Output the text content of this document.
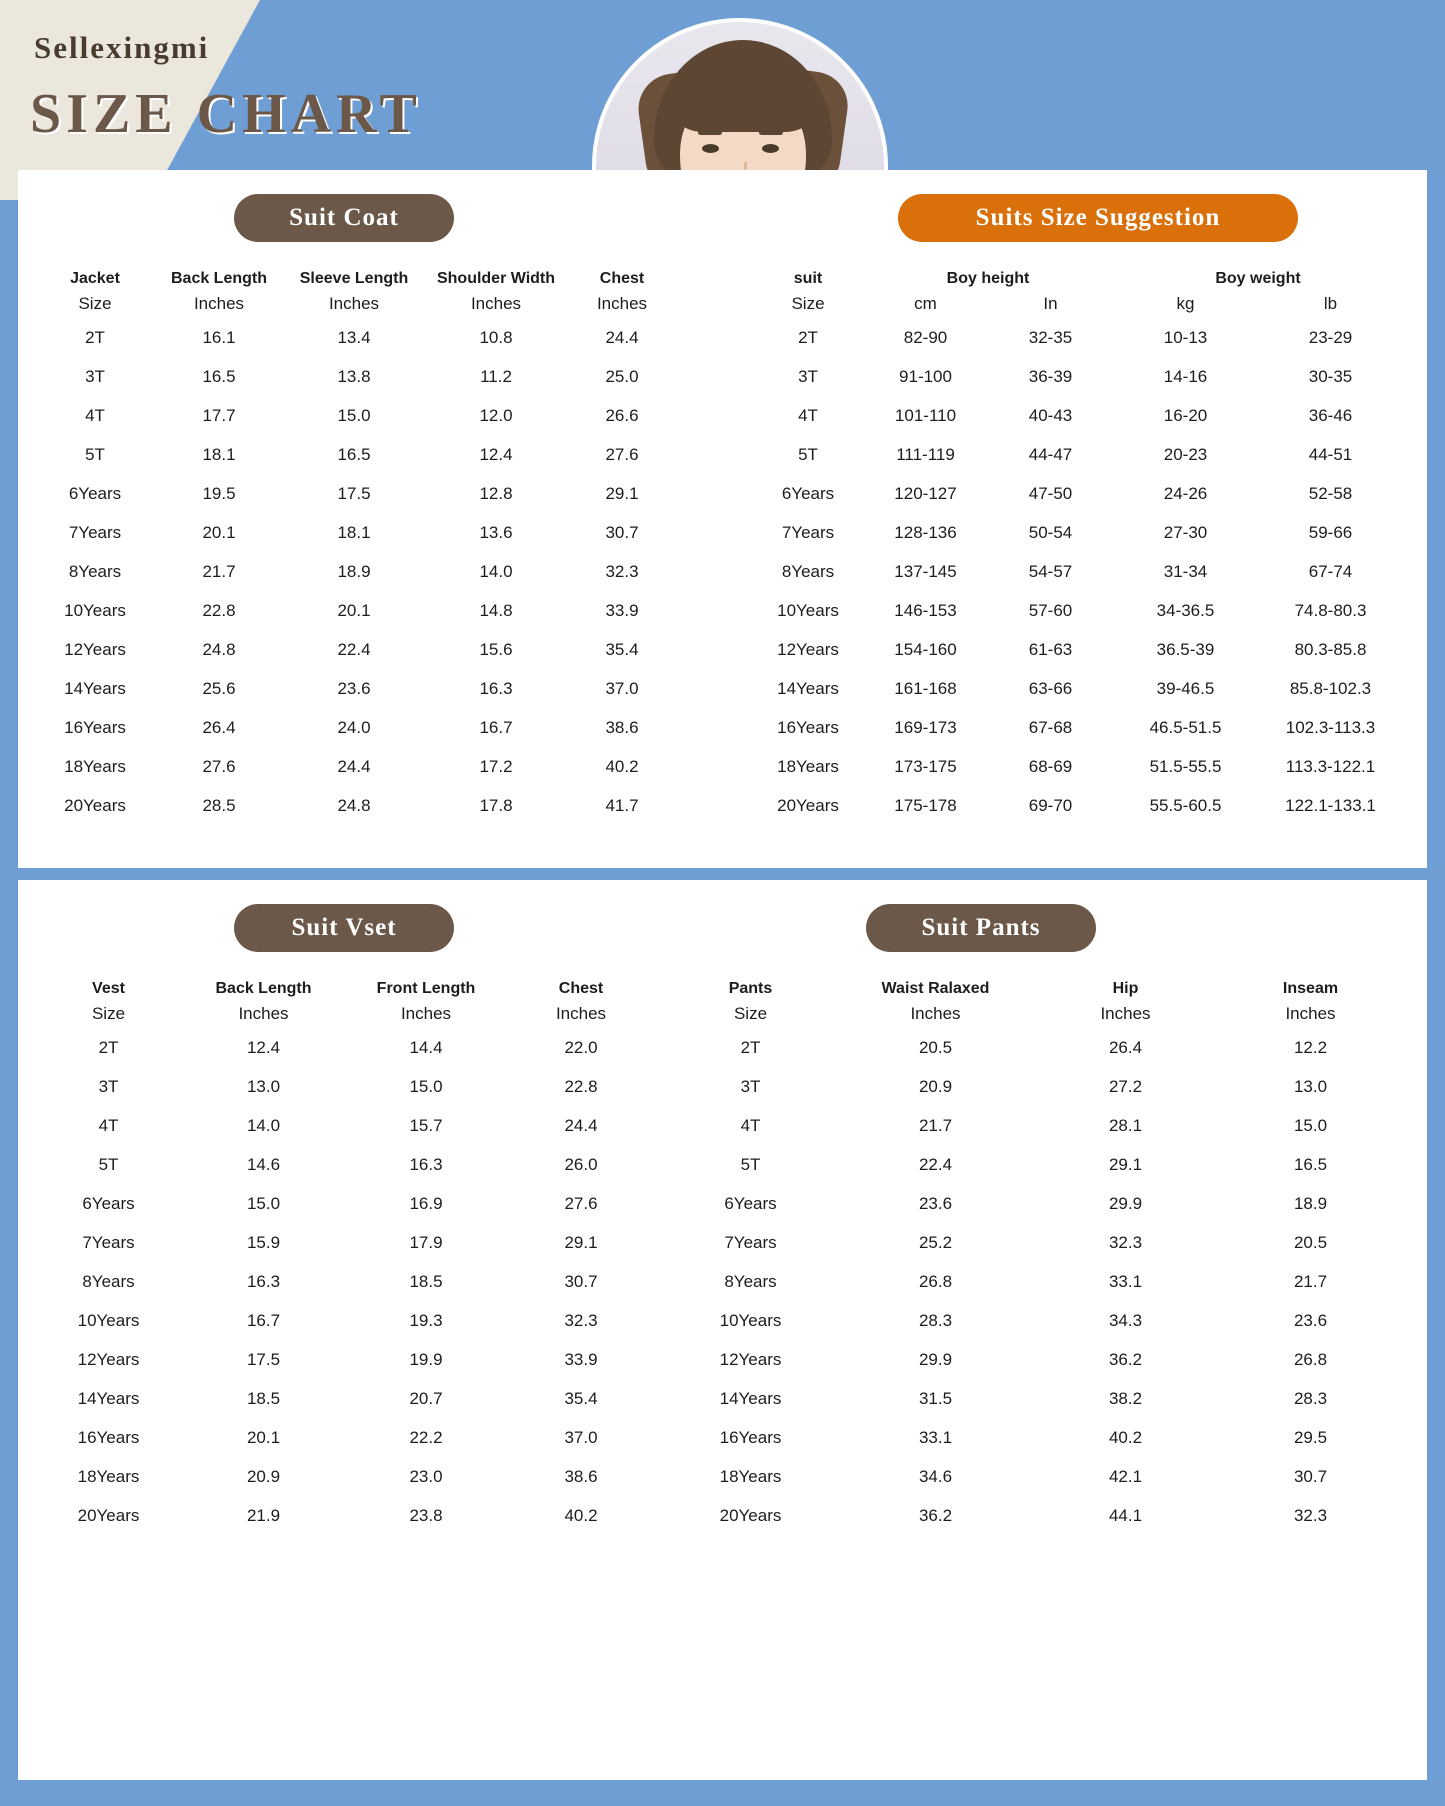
Sellexingmi
SIZE CHART
Suit Coat
Jacket	Back Length	Sleeve Length	Shoulder Width	Chest
Size	Inches	Inches	Inches	Inches
2T	16.1	13.4	10.8	24.4
3T	16.5	13.8	11.2	25.0
4T	17.7	15.0	12.0	26.6
5T	18.1	16.5	12.4	27.6
6Years	19.5	17.5	12.8	29.1
7Years	20.1	18.1	13.6	30.7
8Years	21.7	18.9	14.0	32.3
10Years	22.8	20.1	14.8	33.9
12Years	24.8	22.4	15.6	35.4
14Years	25.6	23.6	16.3	37.0
16Years	26.4	24.0	16.7	38.6
18Years	27.6	24.4	17.2	40.2
20Years	28.5	24.8	17.8	41.7
Suits Size Suggestion
suit	Boy height		Boy weight	
Size	cm	In	kg	lb
2T	82-90	32-35	10-13	23-29
3T	91-100	36-39	14-16	30-35
4T	101-110	40-43	16-20	36-46
5T	111-119	44-47	20-23	44-51
6Years	120-127	47-50	24-26	52-58
7Years	128-136	50-54	27-30	59-66
8Years	137-145	54-57	31-34	67-74
10Years	146-153	57-60	34-36.5	74.8-80.3
12Years	154-160	61-63	36.5-39	80.3-85.8
14Years	161-168	63-66	39-46.5	85.8-102.3
16Years	169-173	67-68	46.5-51.5	102.3-113.3
18Years	173-175	68-69	51.5-55.5	113.3-122.1
20Years	175-178	69-70	55.5-60.5	122.1-133.1
Suit Vset
Vest	Back Length	Front Length	Chest
Size	Inches	Inches	Inches
2T	12.4	14.4	22.0
3T	13.0	15.0	22.8
4T	14.0	15.7	24.4
5T	14.6	16.3	26.0
6Years	15.0	16.9	27.6
7Years	15.9	17.9	29.1
8Years	16.3	18.5	30.7
10Years	16.7	19.3	32.3
12Years	17.5	19.9	33.9
14Years	18.5	20.7	35.4
16Years	20.1	22.2	37.0
18Years	20.9	23.0	38.6
20Years	21.9	23.8	40.2
Suit Pants
Pants	Waist Ralaxed	Hip	Inseam
Size	Inches	Inches	Inches
2T	20.5	26.4	12.2
3T	20.9	27.2	13.0
4T	21.7	28.1	15.0
5T	22.4	29.1	16.5
6Years	23.6	29.9	18.9
7Years	25.2	32.3	20.5
8Years	26.8	33.1	21.7
10Years	28.3	34.3	23.6
12Years	29.9	36.2	26.8
14Years	31.5	38.2	28.3
16Years	33.1	40.2	29.5
18Years	34.6	42.1	30.7
20Years	36.2	44.1	32.3
